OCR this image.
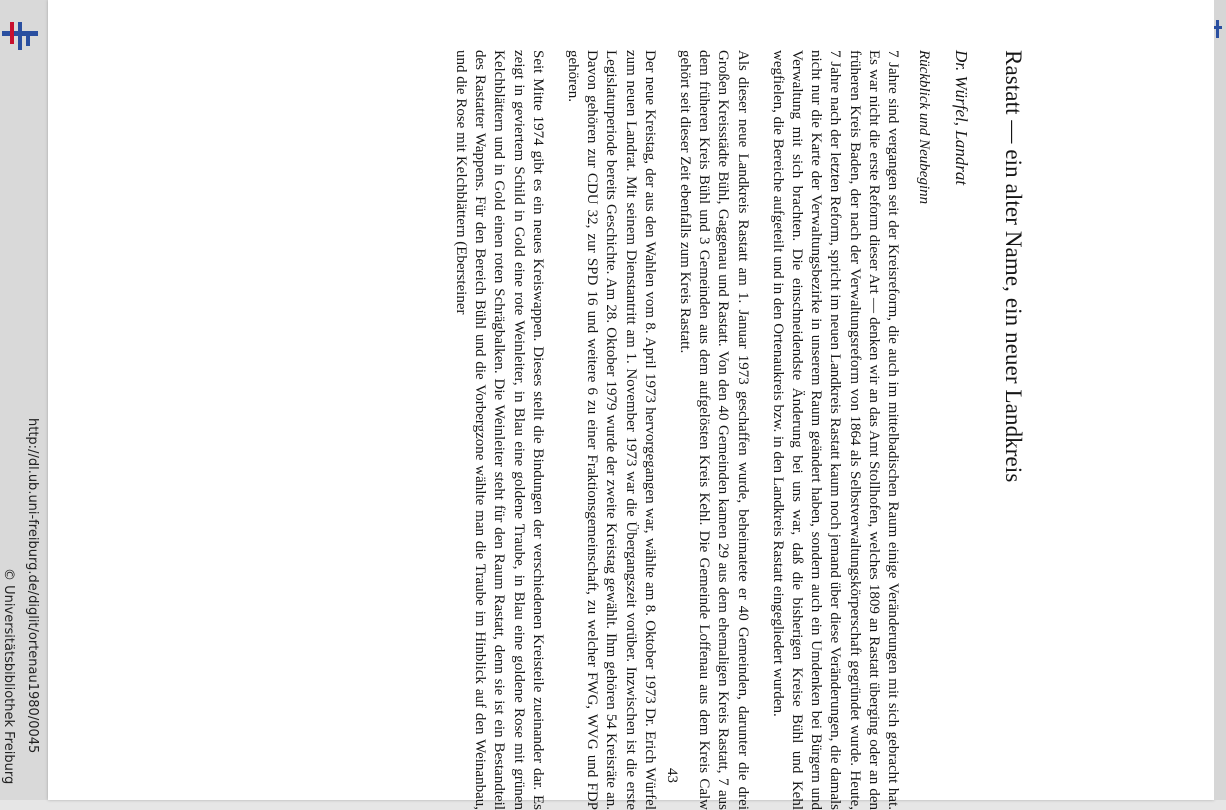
http://dl.ub.uni-freiburg.de/diglit/ortenau1980/0045
© Universitätsbibliothek Freiburg
Rastatt — ein alter Name, ein neuer Landkreis
Dr. Würfel, Landrat
Rückblick und Neubeginn

7 Jahre sind vergangen seit der Kreisreform, die auch im mittelbadischen Raum einige Veränderungen mit sich gebracht hat. Es war nicht die erste Reform dieser Art — denken wir an das Amt Stollhofen, welches 1809 an Rastatt überging oder an den früheren Kreis Baden, der nach der Verwaltungsreform von 1864 als Selbstverwaltungskörperschaft gegründet wurde. Heute, 7 Jahre nach der letzten Reform, spricht im neuen Landkreis Rastatt kaum noch jemand über diese Veränderungen, die damals nicht nur die Karte der Verwaltungsbezirke in unserem Raum geändert haben, sondern auch ein Umdenken bei Bürgern und Verwaltung mit sich brachten. Die einschneidendste Änderung bei uns war, daß die bisherigen Kreise Bühl und Kehl wegfielen, die Bereiche aufgeteilt und in den Ortenaukreis bzw. in den Landkreis Rastatt eingegliedert wurden.

Als dieser neue Landkreis Rastatt am 1. Januar 1973 geschaffen wurde, beheimatete er 40 Gemeinden, darunter die drei Großen Kreisstädte Bühl, Gaggenau und Rastatt. Von den 40 Gemeinden kamen 29 aus dem ehemaligen Kreis Rastatt, 7 aus dem früheren Kreis Bühl und 3 Gemeinden aus dem aufgelösten Kreis Kehl. Die Gemeinde Loffenau aus dem Kreis Calw gehört seit dieser Zeit ebenfalls zum Kreis Rastatt.

Der neue Kreistag, der aus den Wahlen vom 8. April 1973 hervorgegangen war, wählte am 8. Oktober 1973 Dr. Erich Würfel zum neuen Landrat. Mit seinem Dienstantritt am 1. November 1973 war die Übergangszeit vorüber. Inzwischen ist die erste Legislaturperiode bereits Geschichte. Am 28. Oktober 1979 wurde der zweite Kreistag gewählt. Ihm gehören 54 Kreisräte an. Davon gehören zur CDU 32, zur SPD 16 und weitere 6 zu einer Fraktionsgemeinschaft, zu welcher FWG, WVG und FDP gehören.

Seit Mitte 1974 gibt es ein neues Kreiswappen. Dieses stellt die Bindungen der verschiedenen Kreisteile zueinander dar. Es zeigt in geviertem Schild in Gold eine rote Weinleiter, in Blau eine goldene Traube, in Blau eine goldene Rose mit grünen Kelchblättern und in Gold einen roten Schrägbalken. Die Weinleiter steht für den Raum Rastatt, denn sie ist ein Bestandteil des Rastatter Wappens. Für den Bereich Bühl und die Vorbergzone wählte man die Traube im Hinblick auf den Weinanbau, und die Rose mit Kelchblättern (Ebersteiner

43
